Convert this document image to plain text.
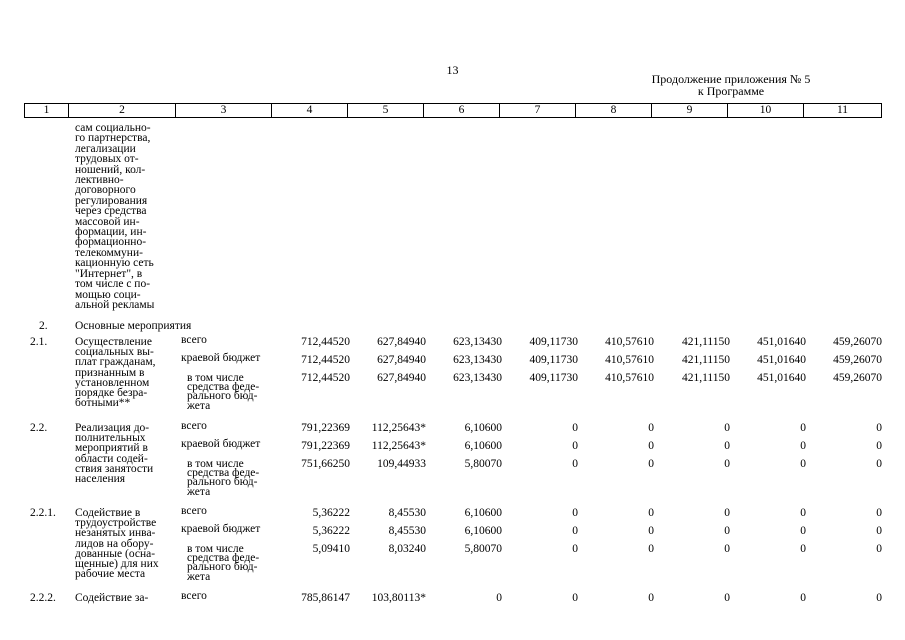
13
Продолжение приложения № 5
к Программе
1	2	3	4	5	6	7	8	9	10	11
сам социально-
го партнерства,
легализации
трудовых от-
ношений, кол-
лективно-
договорного
регулирования
через средства
массовой ин-
формации, ин-
формационно-
телекоммуни-
кационную сеть
"Интернет", в
том числе с по-
мощью соци-
альной рекламы
2. Основные мероприятия
2.1. Осуществление
социальных вы-
плат гражданам,
признанным в
установленном
порядке безра-
ботными**
всего	712,44520 627,84940 623,13430 409,11730 410,57610 421,11150 451,01640 459,26070
краевой бюджет	712,44520 627,84940 623,13430 409,11730 410,57610 421,11150 451,01640 459,26070
в том числе
средства феде-
рального бюд-
жета
712,44520 627,84940 623,13430 409,11730 410,57610 421,11150 451,01640 459,26070
2.2. Реализация до-
полнительных
мероприятий в
области содей-
ствия занятости
населения
всего	791,22369 112,25643*	6,10600	0	0	0	0	0
краевой бюджет	791,22369 112,25643*	6,10600	0	0	0	0	0
в том числе
средства феде-
рального бюд-
жета
751,66250 109,44933	5,80070	0	0	0	0	0
2.2.1. Содействие в
трудоустройстве
незанятых инва-
лидов на обору-
дованные (осна-
щенные) для них
рабочие места
всего	5,36222	8,45530	6,10600	0	0	0	0	0
краевой бюджет	5,36222	8,45530	6,10600	0	0	0	0	0
в том числе
средства феде-
рального бюд-
жета
5,09410	8,03240	5,80070	0	0	0	0	0
2.2.2. Содействие за-	всего	785,86147 103,80113*	0	0	0	0	0	0
